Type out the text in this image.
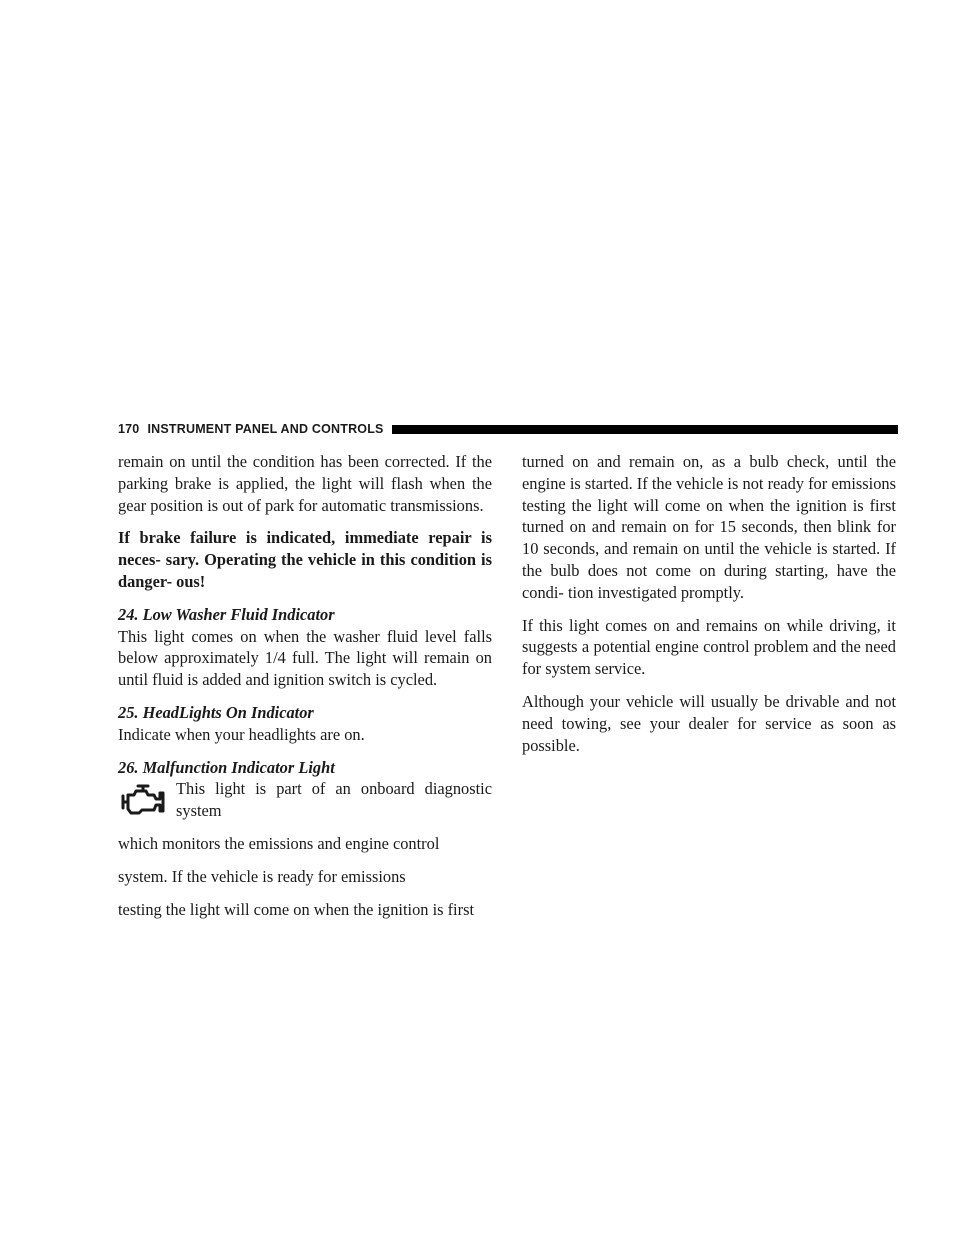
170 INSTRUMENT PANEL AND CONTROLS

remain on until the condition has been corrected. If the parking brake is applied, the light will flash when the gear position is out of park for automatic transmissions.

If brake failure is indicated, immediate repair is neces- sary. Operating the vehicle in this condition is danger- ous!

24. Low Washer Fluid Indicator

This light comes on when the washer fluid level falls below approximately 1/4 full. The light will remain on until fluid is added and ignition switch is cycled.

25. HeadLights On Indicator

Indicate when your headlights are on.

26. Malfunction Indicator Light

This light is part of an onboard diagnostic system

which monitors the emissions and engine control

system. If the vehicle is ready for emissions

testing the light will come on when the ignition is first

turned on and remain on, as a bulb check, until the engine is started. If the vehicle is not ready for emissions testing the light will come on when the ignition is first turned on and remain on for 15 seconds, then blink for 10 seconds, and remain on until the vehicle is started. If the bulb does not come on during starting, have the condi- tion investigated promptly.

If this light comes on and remains on while driving, it suggests a potential engine control problem and the need for system service.

Although your vehicle will usually be drivable and not need towing, see your dealer for service as soon as possible.
